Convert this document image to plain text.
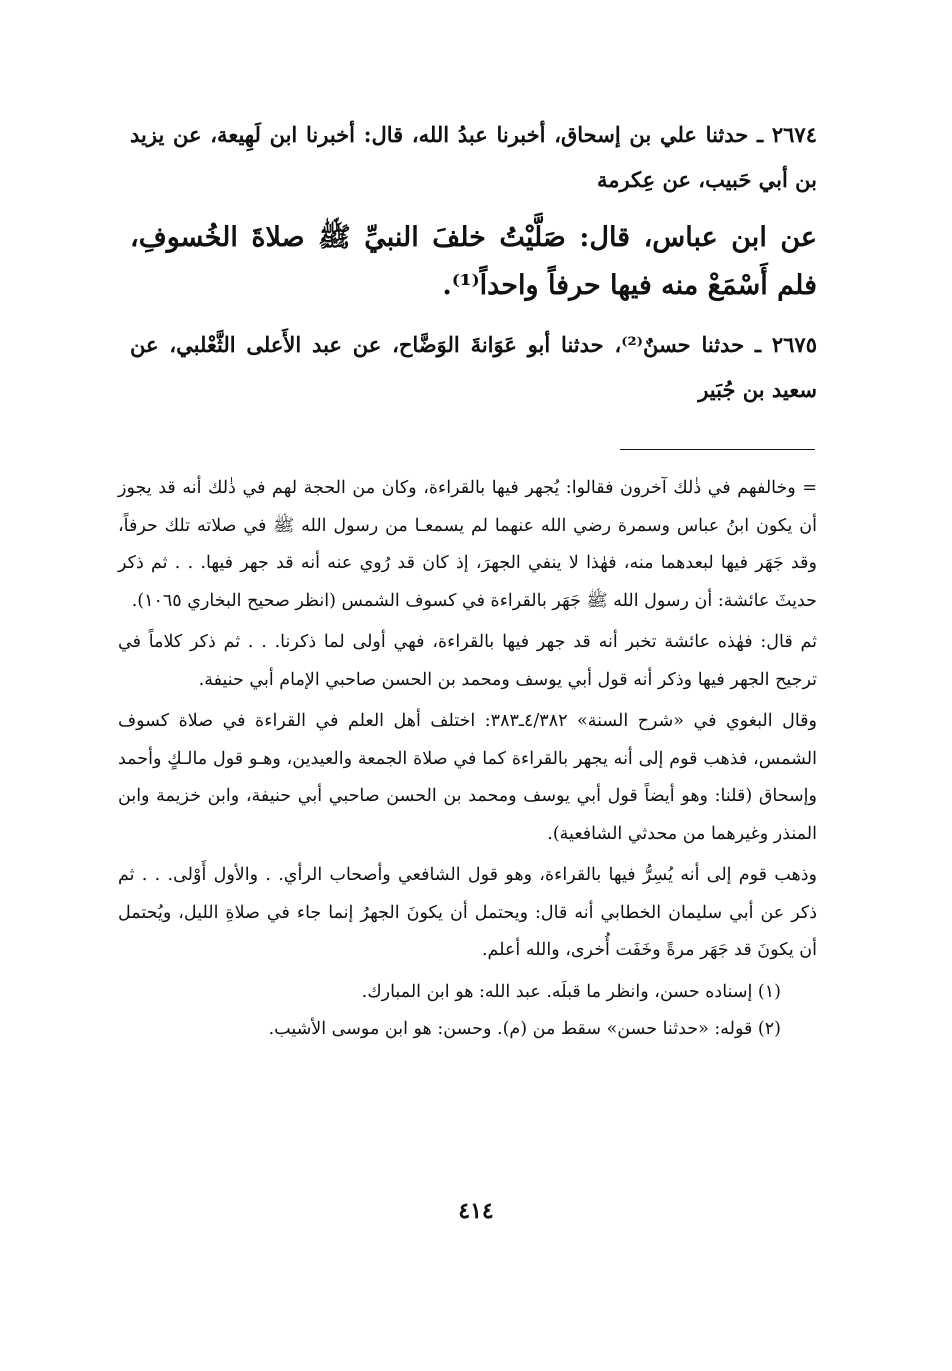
٢٦٧٤ ـ حدثنا علي بن إسحاق، أخبرنا عبدُ الله، قال: أخبرنا ابن لَهِيعة، عن يزيد بن أبي حَبيب، عن عِكرمة

عن ابن عباس، قال: صَلَّيْتُ خلفَ النبيِّ ﷺ صلاةَ الخُسوفِ، فلم أَسْمَعْ منه فيها حرفاً واحداً⁽¹⁾.

٢٦٧٥ ـ حدثنا حسنٌ⁽²⁾، حدثنا أبو عَوَانةَ الوَضَّاح، عن عبد الأَعلى الثَّعْلبي، عن سعيد بن جُبَير

= وخالفهم في ذٰلك آخرون فقالوا: يُجهر فيها بالقراءة، وكان من الحجة لهم في ذٰلك أنه قد يجوز أن يكون ابنُ عباس وسمرة رضي الله عنهما لم يسمعـا من رسول الله ﷺ في صلاته تلك حرفاً، وقد جَهَر فيها لبعدهما منه، فهٰذا لا ينفي الجهرَ، إذ كان قد رُوي عنه أنه قد جهر فيها. . . ثم ذكر حديثَ عائشة: أن رسول الله ﷺ جَهَر بالقراءة في كسوف الشمس (انظر صحيح البخاري ١٠٦٥).

ثم قال: فهٰذه عائشة تخبر أنه قد جهر فيها بالقراءة، فهي أولى لما ذكرنا. . . ثم ذكر كلاماً في ترجيح الجهر فيها وذكر أنه قول أبي يوسف ومحمد بن الحسن صاحبي الإمام أبي حنيفة.

وقال البغوي في «شرح السنة» ٤/٣٨٢ـ٣٨٣: اختلف أهل العلم في القراءة في صلاة كسوف الشمس، فذهب قوم إلى أنه يجهر بالقراءة كما في صلاة الجمعة والعيدين، وهـو قول مالـكٍ وأحمد وإسحاق (قلنا: وهو أيضاً قول أبي يوسف ومحمد بن الحسن صاحبي أبي حنيفة، وابن خزيمة وابن المنذر وغيرهما من محدثي الشافعية).

وذهب قوم إلى أنه يُسِرُّ فيها بالقراءة، وهو قول الشافعي وأصحاب الرأي. . والأول أَوْلى. . . ثم ذكر عن أبي سليمان الخطابي أنه قال: ويحتمل أن يكونَ الجهرُ إنما جاء في صلاةِ الليل، ويُحتمل أن يكونَ قد جَهَر مرةً وخَفَت أُخرى، والله أعلم.

(١) إسناده حسن، وانظر ما قبلَه. عبد الله: هو ابن المبارك.

(٢) قوله: «حدثنا حسن» سقط من (م). وحسن: هو ابن موسى الأشيب.

٤١٤
